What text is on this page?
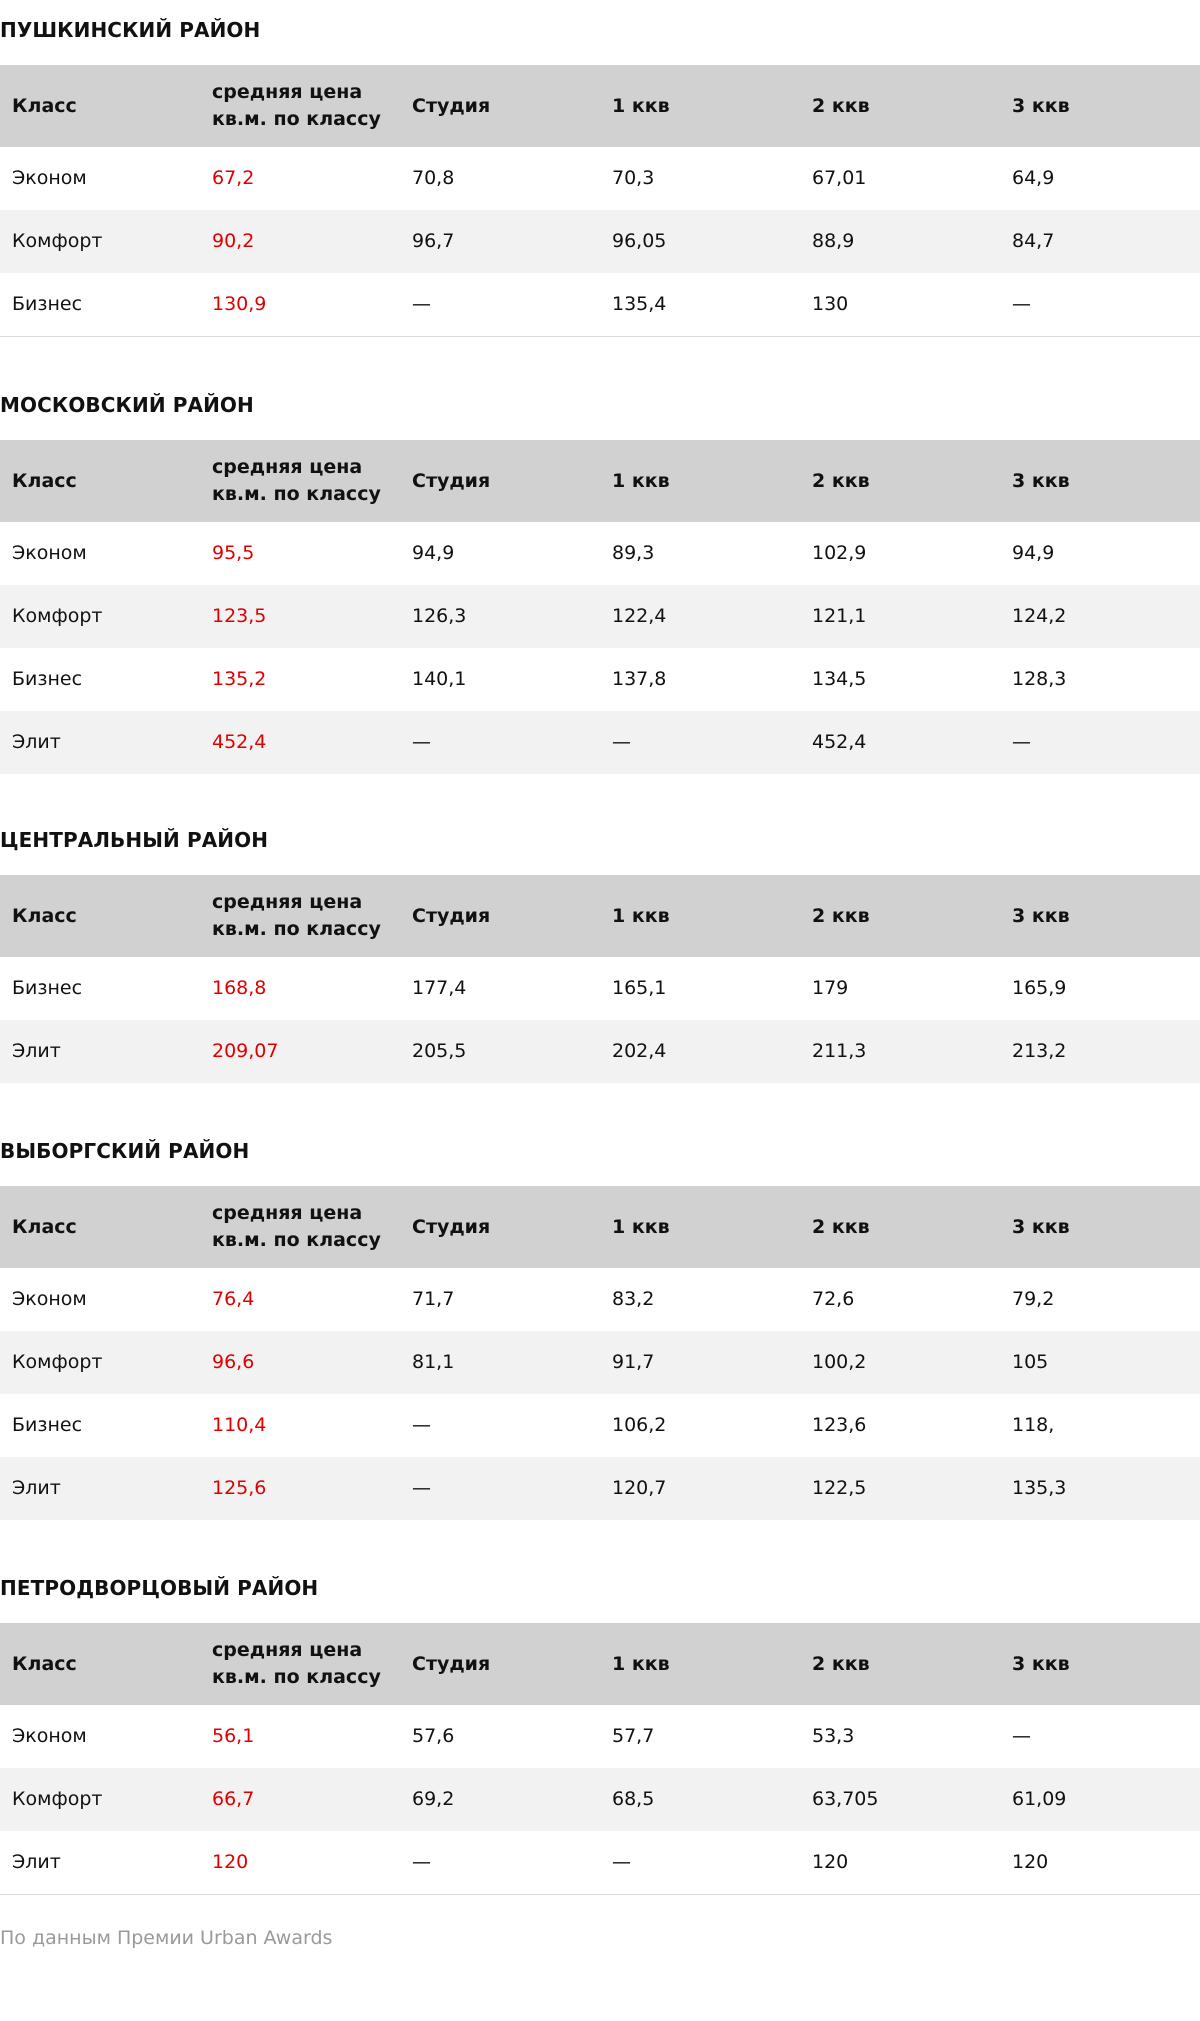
ПУШКИНСКИЙ РАЙОН
Класс	средняя цена кв.м. по классу	Студия	1 ккв	2 ккв	3 ккв
Эконом	67,2	70,8	70,3	67,01	64,9
Комфорт	90,2	96,7	96,05	88,9	84,7
Бизнес	130,9	—	135,4	130	—
МОСКОВСКИЙ РАЙОН
Класс	средняя цена кв.м. по классу	Студия	1 ккв	2 ккв	3 ккв
Эконом	95,5	94,9	89,3	102,9	94,9
Комфорт	123,5	126,3	122,4	121,1	124,2
Бизнес	135,2	140,1	137,8	134,5	128,3
Элит	452,4	—	—	452,4	—
ЦЕНТРАЛЬНЫЙ РАЙОН
Класс	средняя цена кв.м. по классу	Студия	1 ккв	2 ккв	3 ккв
Бизнес	168,8	177,4	165,1	179	165,9
Элит	209,07	205,5	202,4	211,3	213,2
ВЫБОРГСКИЙ РАЙОН
Класс	средняя цена кв.м. по классу	Студия	1 ккв	2 ккв	3 ккв
Эконом	76,4	71,7	83,2	72,6	79,2
Комфорт	96,6	81,1	91,7	100,2	105
Бизнес	110,4	—	106,2	123,6	118,
Элит	125,6	—	120,7	122,5	135,3
ПЕТРОДВОРЦОВЫЙ РАЙОН
Класс	средняя цена кв.м. по классу	Студия	1 ккв	2 ккв	3 ккв
Эконом	56,1	57,6	57,7	53,3	—
Комфорт	66,7	69,2	68,5	63,705	61,09
Элит	120	—	—	120	120
По данным Премии Urban Awards
